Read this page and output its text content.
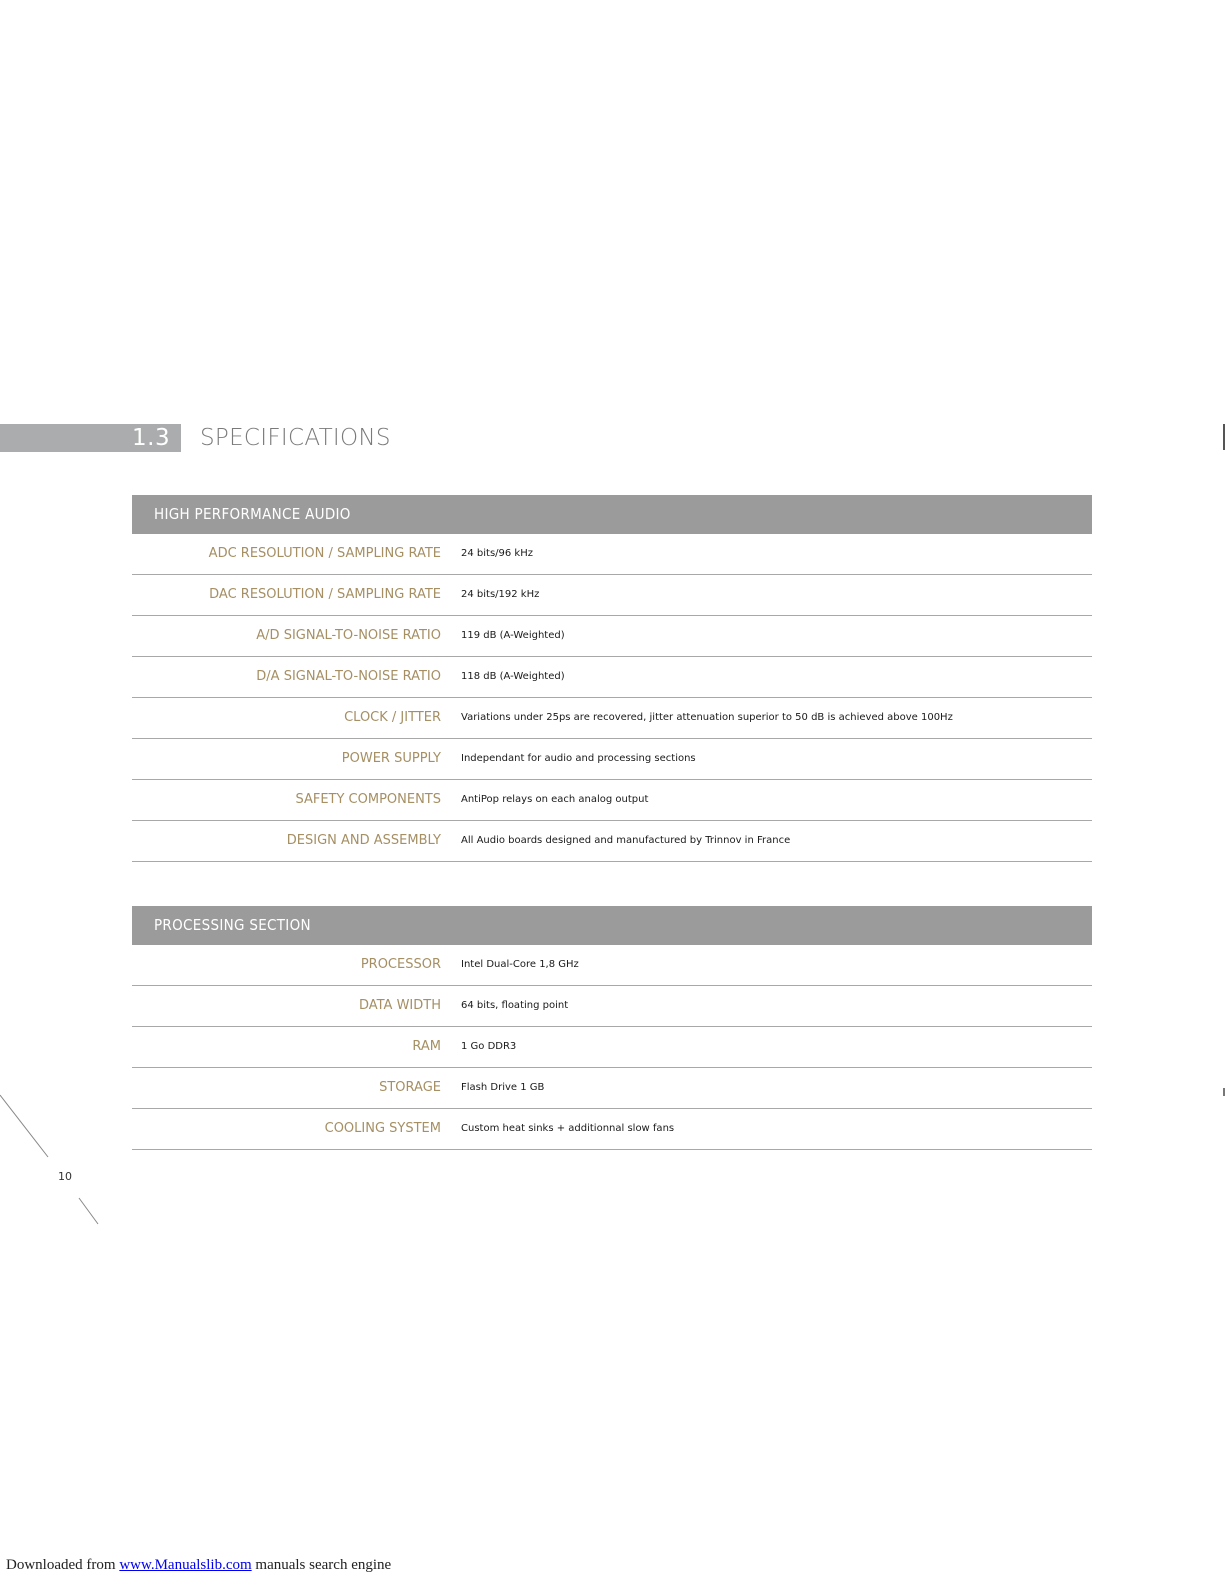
1.3 SPECIFICATIONS
HIGH PERFORMANCE AUDIO
ADC RESOLUTION / SAMPLING RATE 24 bits/96 kHz
DAC RESOLUTION / SAMPLING RATE 24 bits/192 kHz
A/D SIGNAL-TO-NOISE RATIO 119 dB (A-Weighted)
D/A SIGNAL-TO-NOISE RATIO 118 dB (A-Weighted)
CLOCK / JITTER Variations under 25ps are recovered, jitter attenuation superior to 50 dB is achieved above 100Hz
POWER SUPPLY Independant for audio and processing sections
SAFETY COMPONENTS AntiPop relays on each analog output
DESIGN AND ASSEMBLY All Audio boards designed and manufactured by Trinnov in France
PROCESSING SECTION
PROCESSOR Intel Dual-Core 1,8 GHz
DATA WIDTH 64 bits, floating point
RAM 1 Go DDR3
STORAGE Flash Drive 1 GB
COOLING SYSTEM Custom heat sinks + additionnal slow fans
10
Downloaded from www.Manualslib.com manuals search engine
